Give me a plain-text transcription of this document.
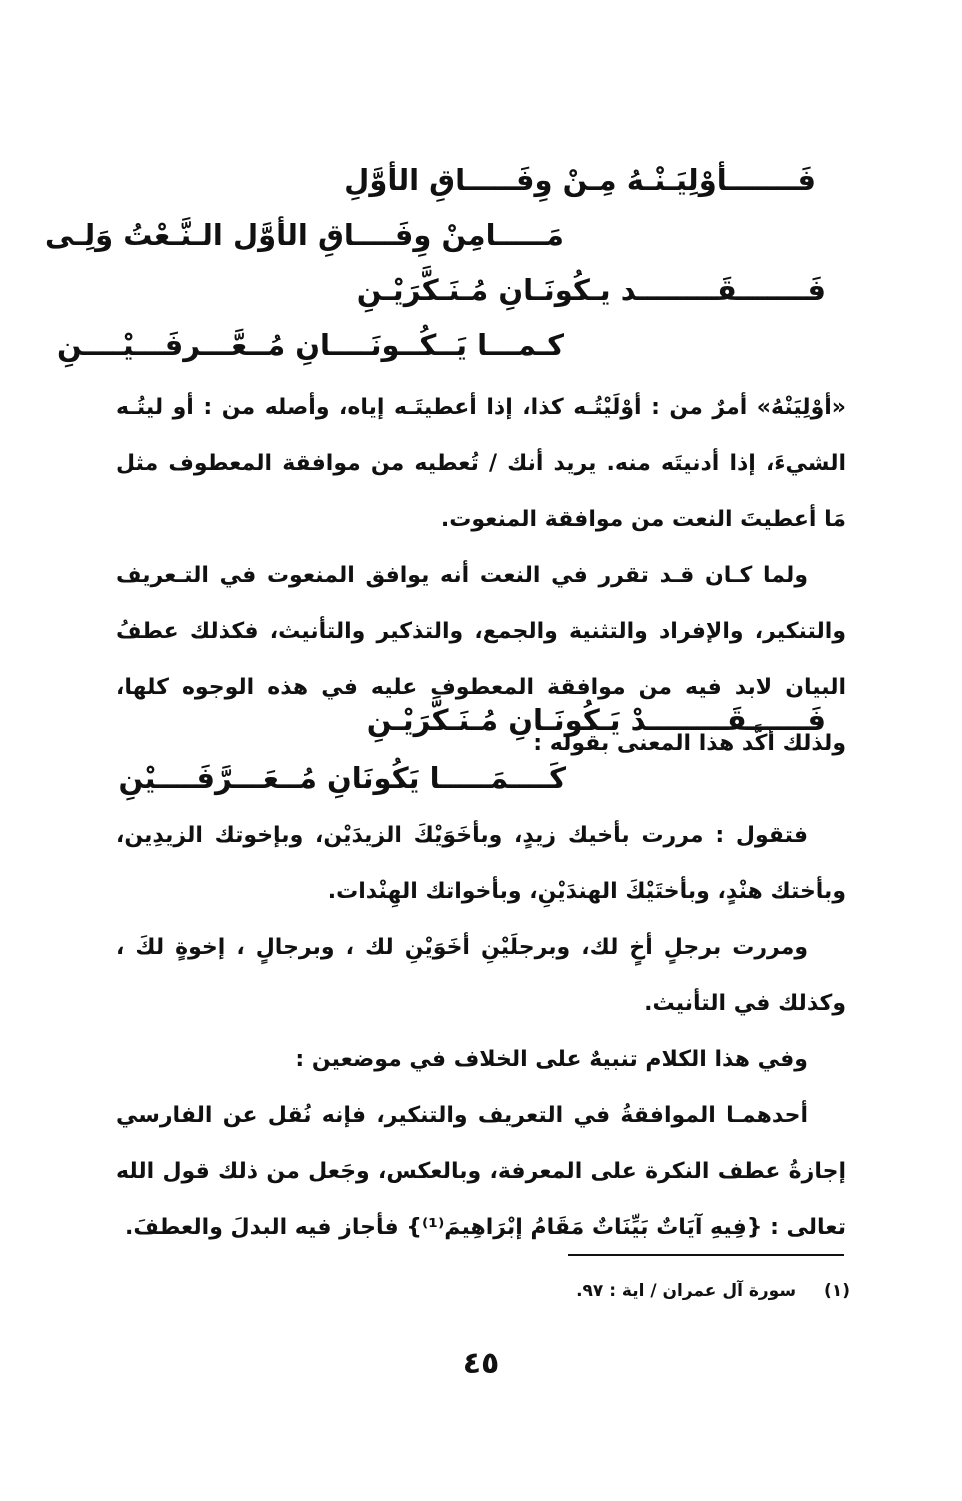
فَـــــــأوْلِيَـنْـهُ مِـنْ وِفَـــــاقِ الأوَّلِ
مَـــــامِنْ وِفَــــاقِ الأوَّل الـنَّـعْتُ وَلِـى
فَـــــــقَــــــــد يـكُونَـانِ مُـنَـكَّرَيْـنِ
كـمـــا يَــكُــونَــــانِ مُــعَّـــرفَـــيْــــنِ
«أوْلِيَنْهُ» أمرٌ من : أوْلَيْتُـه كذا، إذا أعطيتَـه إياه، وأصله من : أو ليتُـه الشيءَ، إذا أدنيتَه منه. يريد أنك / تُعطيه من موافقة المعطوف مثل مَا أعطيتَ النعت من موافقة المنعوت.
ولما كـان قـد تقرر في النعت أنه يوافق المنعوت في التـعريف والتنكير، والإفراد والتثنية والجمع، والتذكير والتأنيث، فكذلك عطفُ البيان لابد فيه من موافقة المعطوف عليه في هذه الوجوه كلها، ولذلك أكَّد هذا المعنى بقوله :
فَــــــقَــــــــدْ يَـكُونَـانِ مُـنَـكَّرَيْـنِ
كَــــمَـــــا يَكُونَانِ مُــعَـــرَّفَــــيْنِ
فتقول : مررت بأخيك زيدٍ، وبأخَوَيْكَ الزيدَيْن، وبإخوتك الزيدِين، وبأختك هنْدٍ، وبأختَيْكَ الهندَيْنِ، وبأخواتك الهِنْدات.
ومررت برجلٍ أخٍ لك، وبرجلَيْنِ أخَوَيْنِ لك ، وبرجالٍ ، إخوةٍ لكَ ، وكذلك في التأنيث.
وفي هذا الكلام تنبيهٌ على الخلاف في موضعين :
أحدهمـا الموافقةُ في التعريف والتنكير، فإنه نُقل عن الفارسي إجازةُ عطف النكرة على المعرفة، وبالعكس، وجَعل من ذلك قول الله تعالى : {فِيهِ آيَاتٌ بَيِّنَاتٌ مَقَامُ إبْرَاهِيمَ⁽¹⁾} فأجاز فيه البدلَ والعطفَ.
(١)سورة آل عمران / اية : ٩٧.
٤٥
